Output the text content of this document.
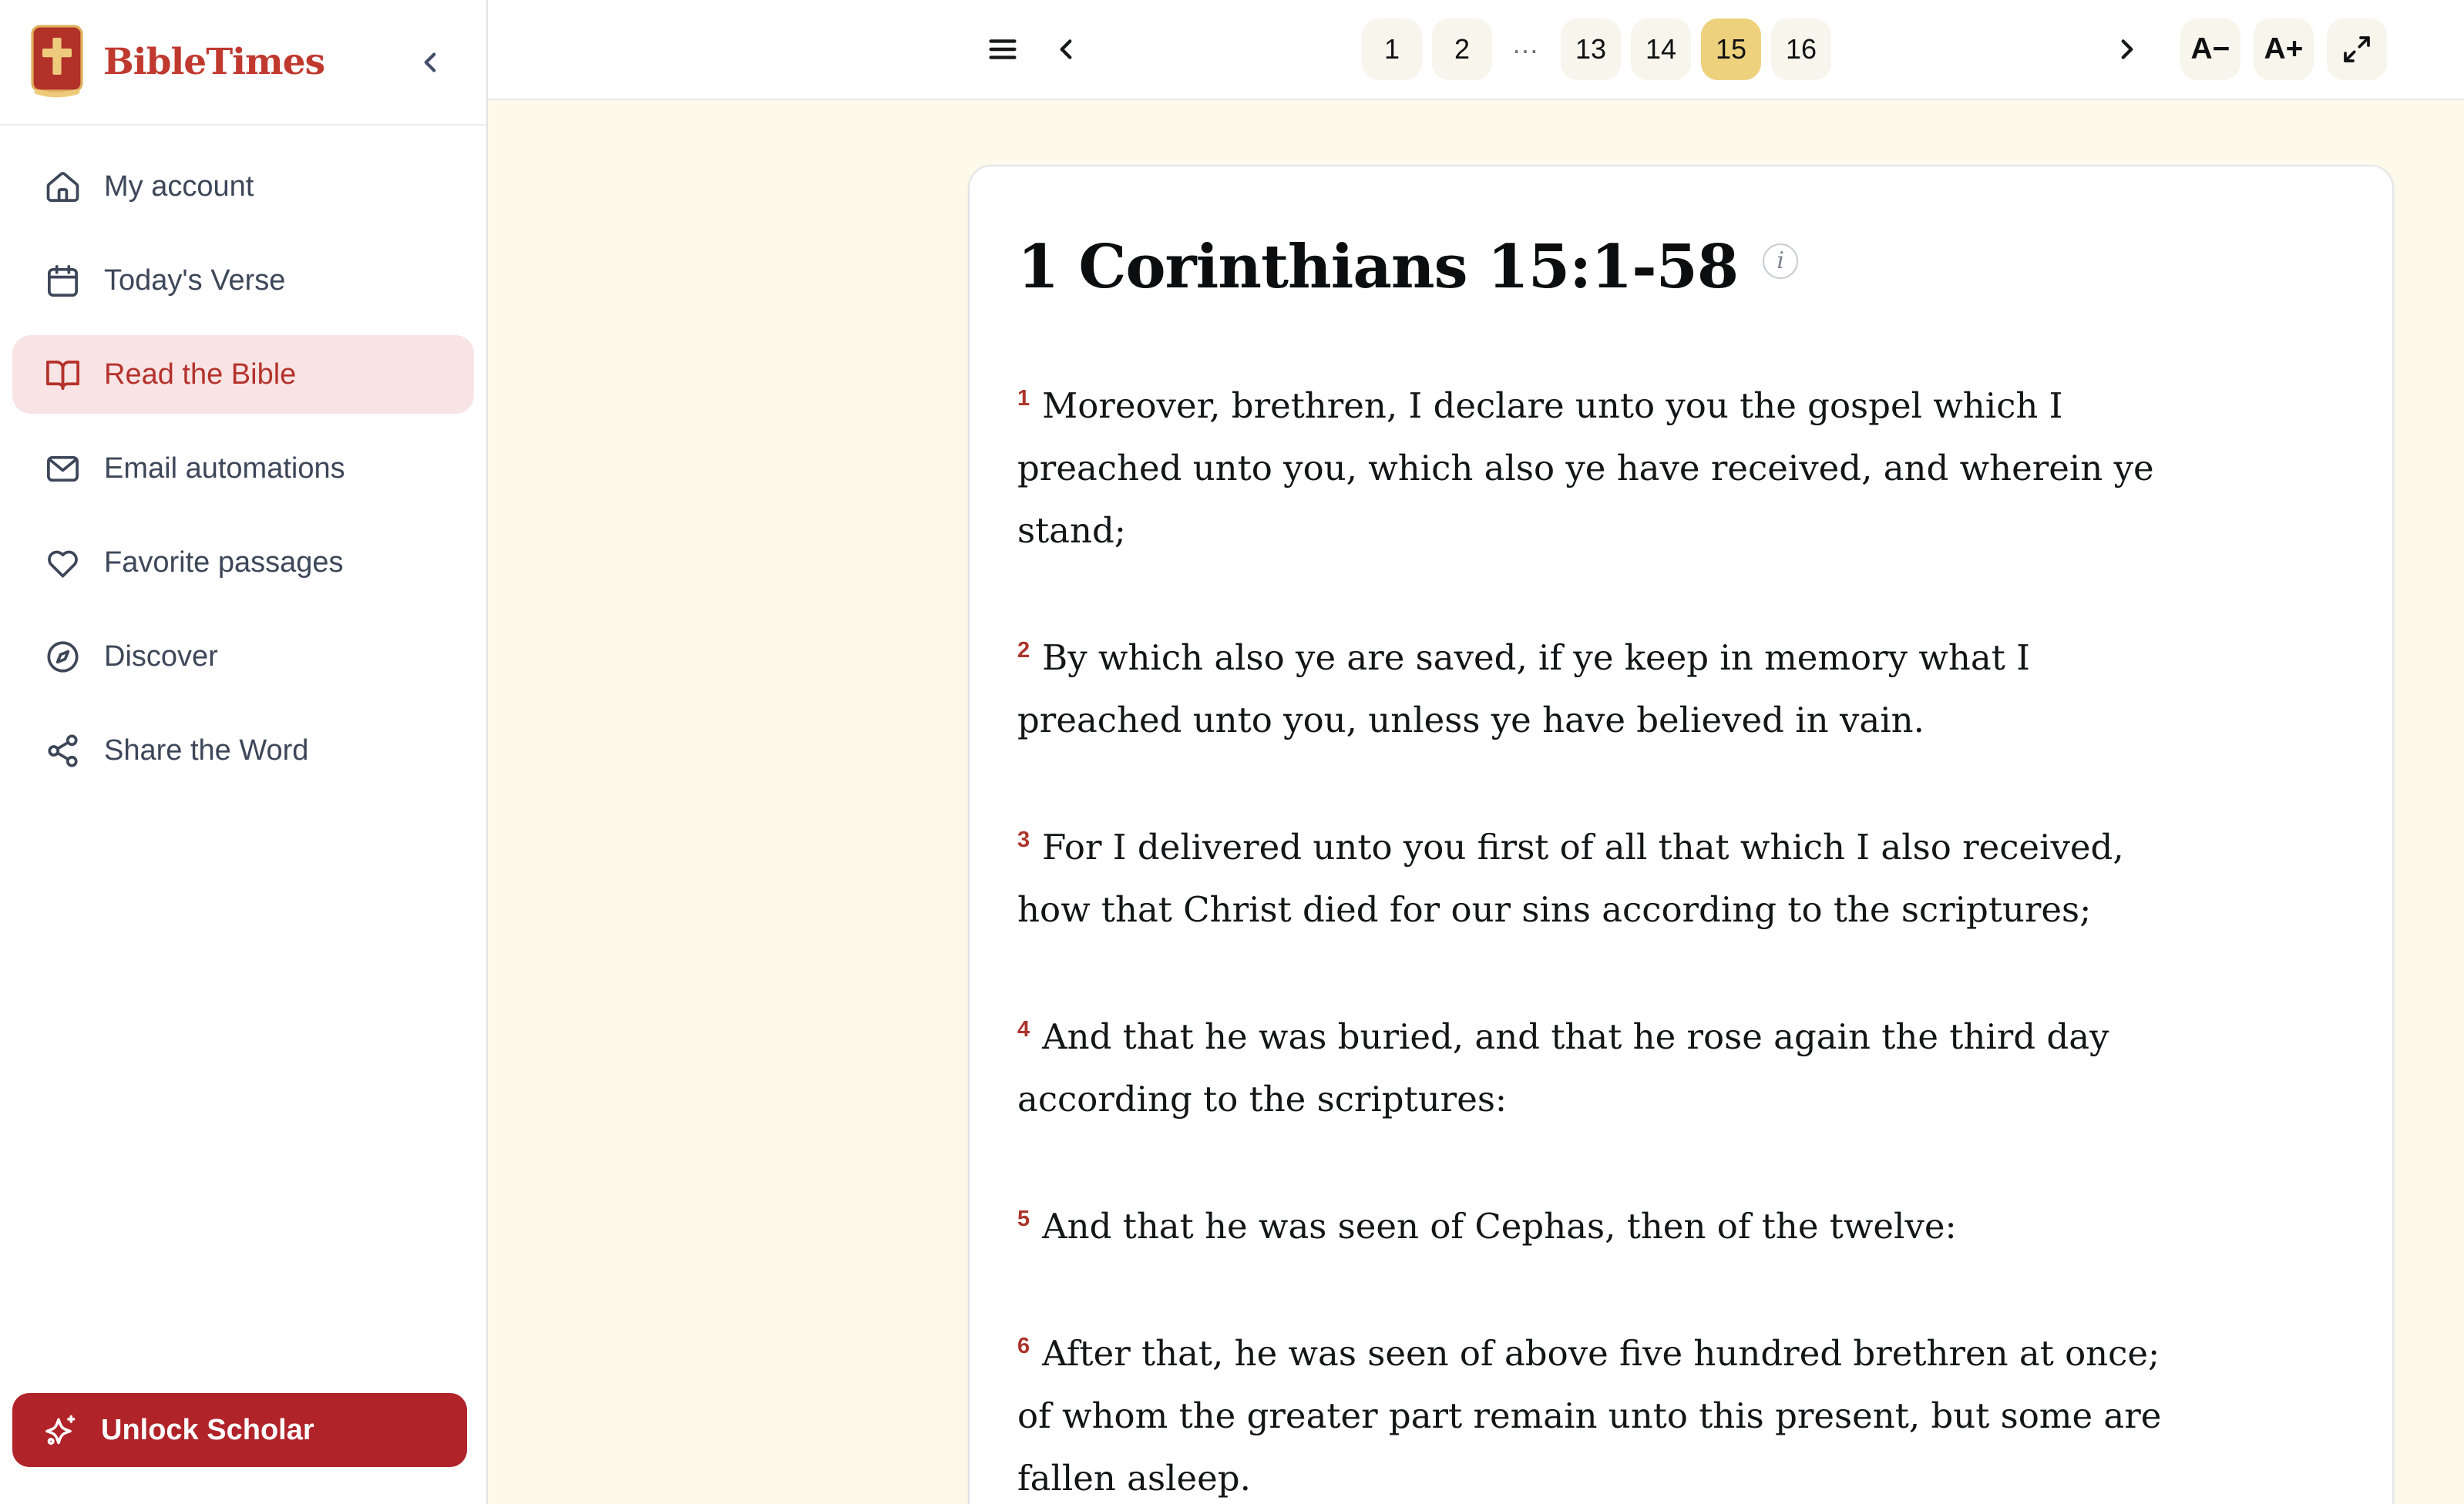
BibleTimes
My account
Today's Verse
Read the Bible
Email automations
Favorite passages
Discover
Share the Word
Unlock Scholar
1	2	…	13	14	15	16	A−	A+
1 Corinthians 15:1-58	i

$^1$ Moreover, brethren, I declare unto you the gospel which I preached unto you, which also ye have received, and wherein ye stand;

$^2$ By which also ye are saved, if ye keep in memory what I preached unto you, unless ye have believed in vain.

$^3$ For I delivered unto you first of all that which I also received, how that Christ died for our sins according to the scriptures;

$^4$ And that he was buried, and that he rose again the third day according to the scriptures:

$^5$ And that he was seen of Cephas, then of the twelve:

$^6$ After that, he was seen of above five hundred brethren at once; of whom the greater part remain unto this present, but some are fallen asleep.
